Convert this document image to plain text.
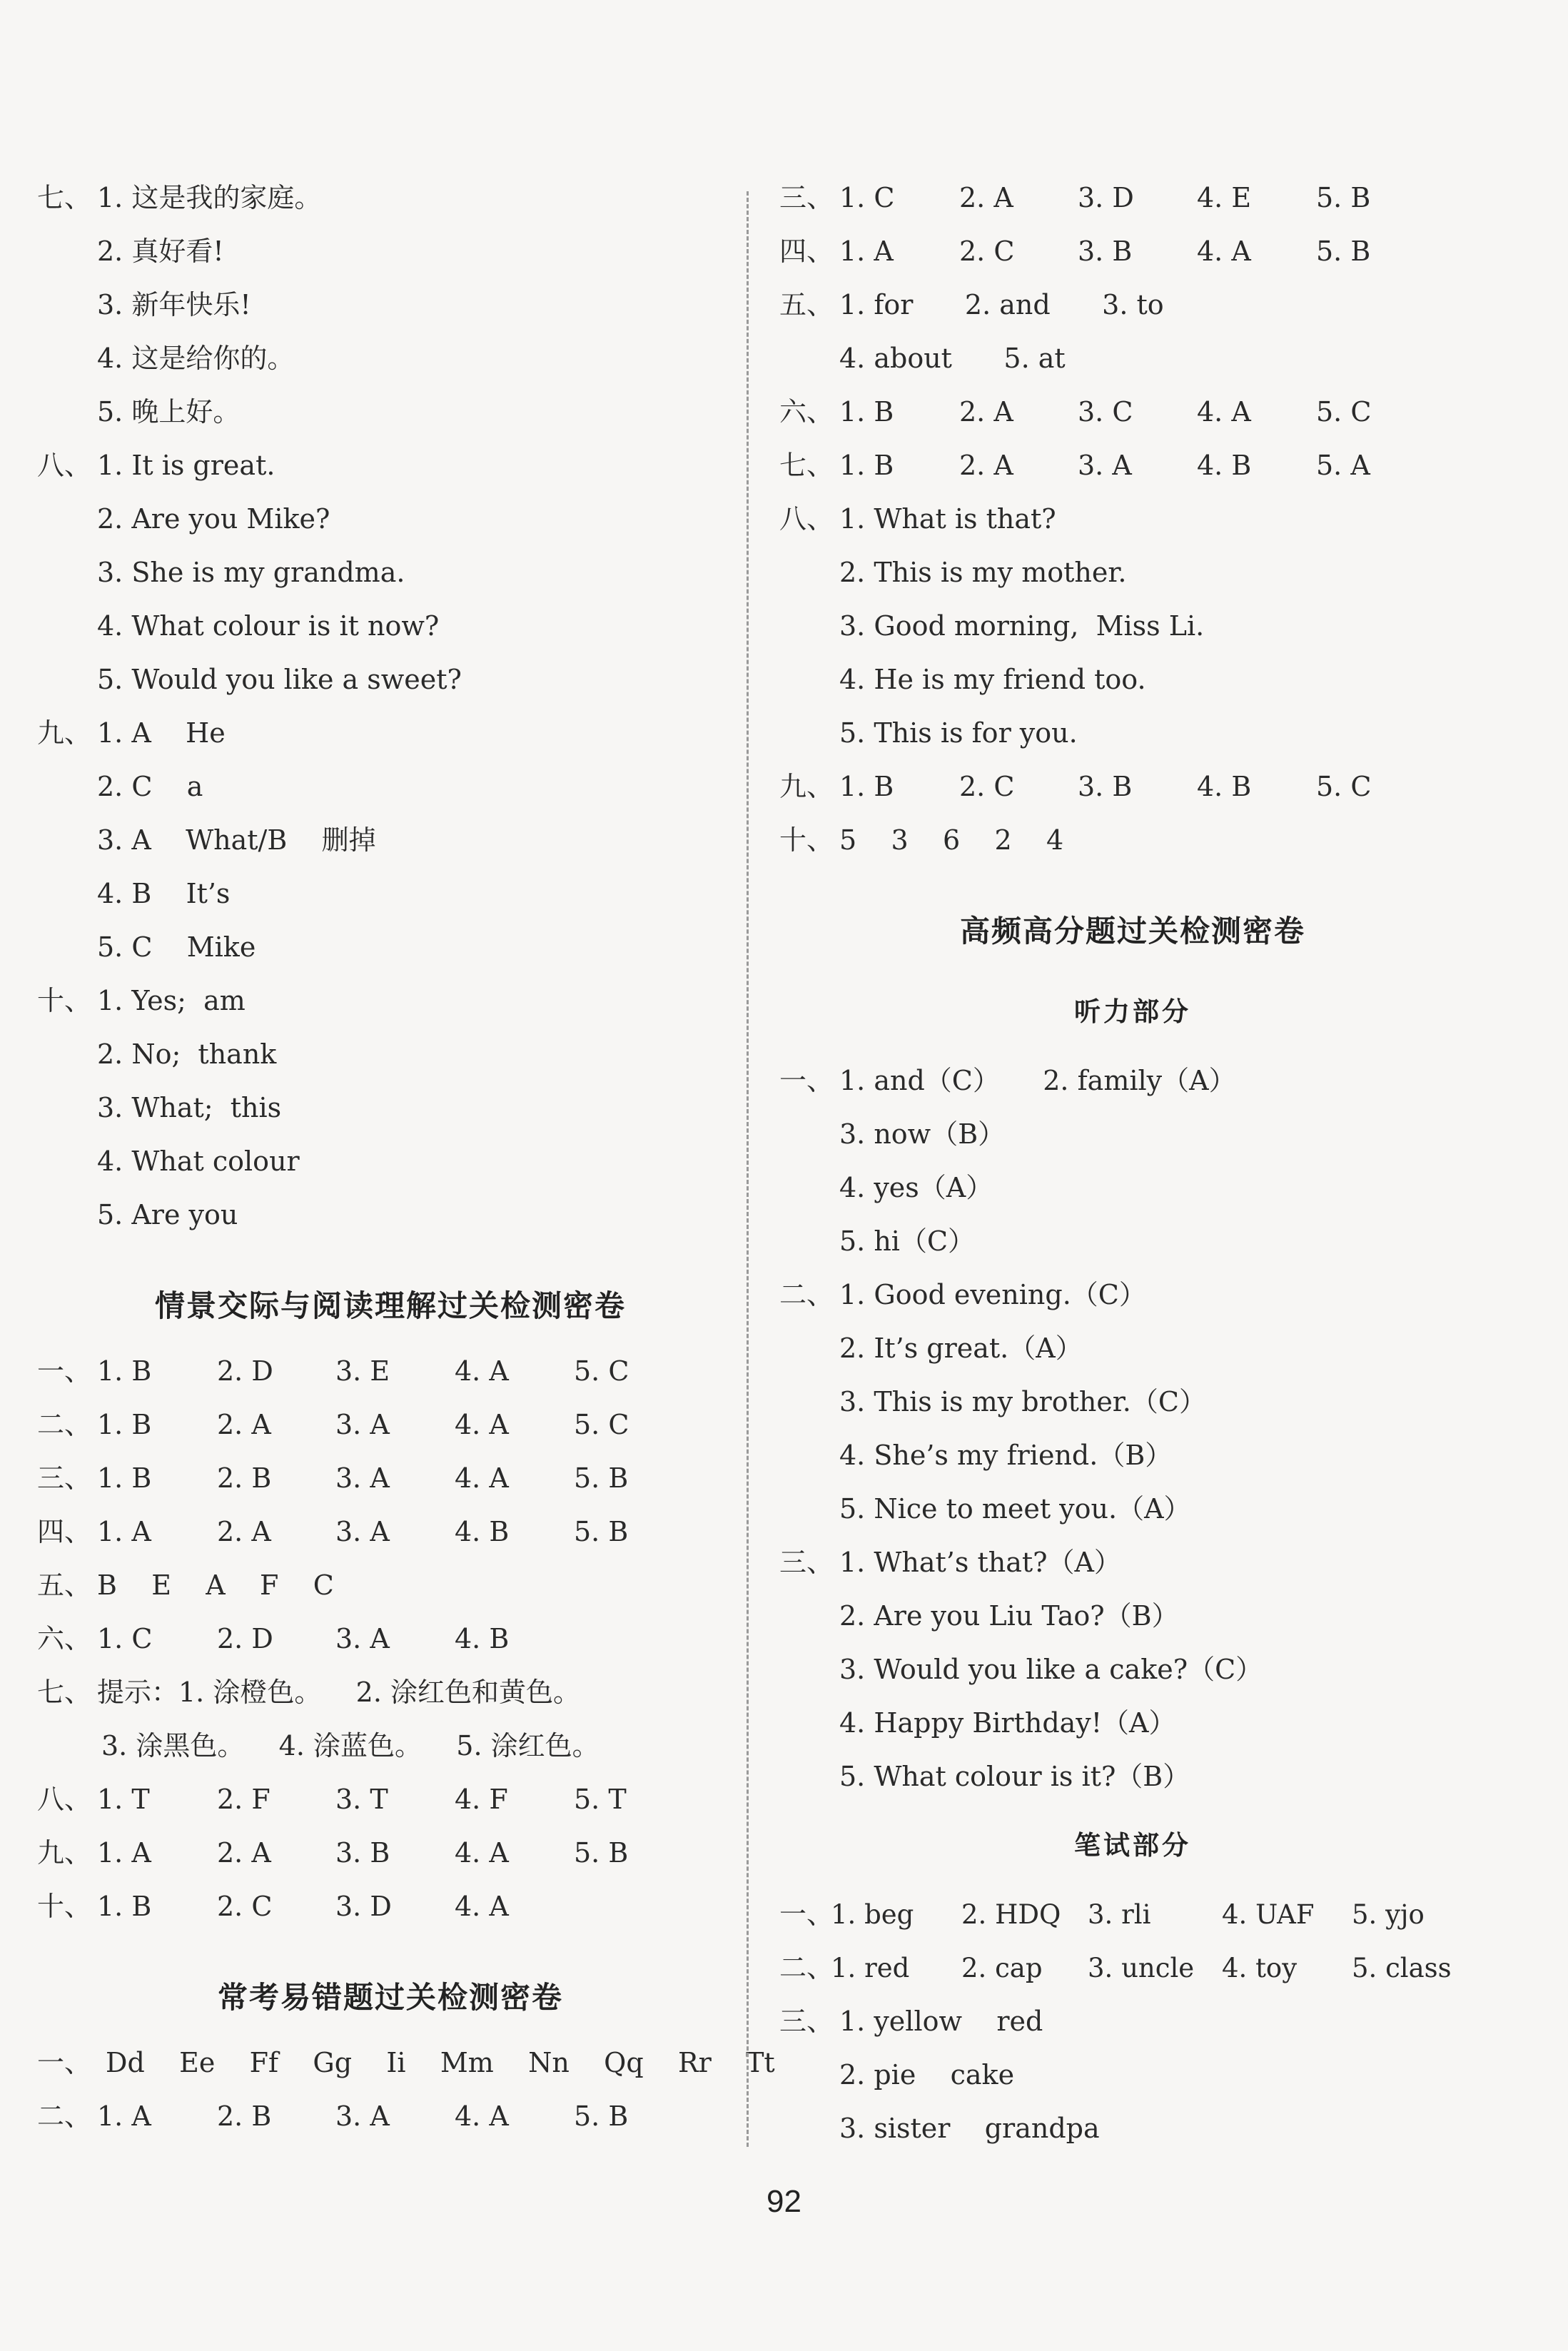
七、 1. 这是我的家庭。
2. 真好看!
3. 新年快乐!
4. 这是给你的。
5. 晚上好。
八、 1. It is great.
2. Are you Mike?
3. She is my grandma.
4. What colour is it now?
5. Would you like a sweet?
九、 1. A    He
2. C    a
3. A    What/B    删掉
4. B    It’s
5. C    Mike
十、 1. Yes;  am
2. No;  thank
3. What;  this
4. What colour
5. Are you
情景交际与阅读理解过关检测密卷
一、 1. B 2. D 3. E 4. A 5. C
二、 1. B 2. A 3. A 4. A 5. C
三、 1. B 2. B 3. A 4. A 5. B
四、 1. A 2. A 3. A 4. B 5. B
五、 B    E    A    F    C
六、 1. C 2. D 3. A 4. B
七、 提示：1. 涂橙色。    2. 涂红色和黄色。
3. 涂黑色。    4. 涂蓝色。    5. 涂红色。
八、 1. T 2. F 3. T 4. F 5. T
九、 1. A 2. A 3. B 4. A 5. B
十、 1. B 2. C 3. D 4. A
常考易错题过关检测密卷
一、 Dd    Ee    Ff    Gg    Ii    Mm    Nn    Qq    Rr    Tt
二、 1. A 2. B 3. A 4. A 5. B
三、 1. C 2. A 3. D 4. E 5. B
四、 1. A 2. C 3. B 4. A 5. B
五、 1. for      2. and      3. to
4. about      5. at
六、 1. B 2. A 3. C 4. A 5. C
七、 1. B 2. A 3. A 4. B 5. A
八、 1. What is that?
2. This is my mother.
3. Good morning,  Miss Li.
4. He is my friend too.
5. This is for you.
九、 1. B 2. C 3. B 4. B 5. C
十、 5    3    6    2    4
高频高分题过关检测密卷
听力部分
一、 1. and（C）     2. family（A）
3. now（B）
4. yes（A）
5. hi（C）
二、 1. Good evening.（C）
2. It’s great.（A）
3. This is my brother.（C）
4. She’s my friend.（B）
5. Nice to meet you.（A）
三、 1. What’s that?（A）
2. Are you Liu Tao?（B）
3. Would you like a cake?（C）
4. Happy Birthday!（A）
5. What colour is it?（B）
笔试部分
一、
1. beg 2. HDQ 3. rli	4. UAF 5. yjo
二、
1. red 2. cap 3. uncle 4. toy 5. class
三、 1. yellow    red
2. pie    cake
3. sister    grandpa
92
